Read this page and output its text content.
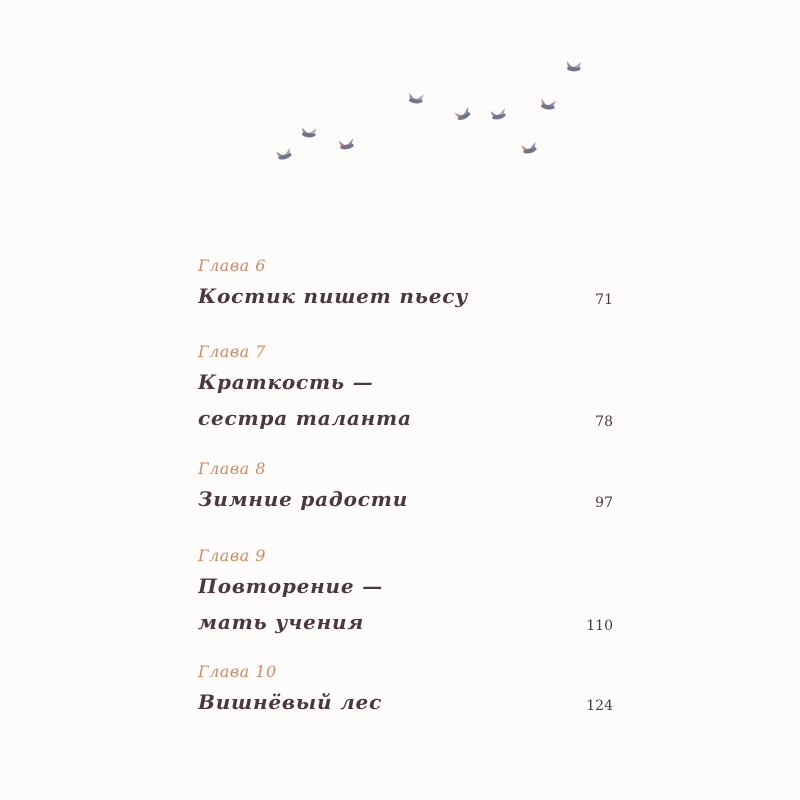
Глава 6
Костик пишет пьесу	71
Глава 7
Краткость —
сестра таланта	78
Глава 8
Зимние радости	97
Глава 9
Повторение —
мать учения	110
Глава 10
Вишнёвый лес	124
